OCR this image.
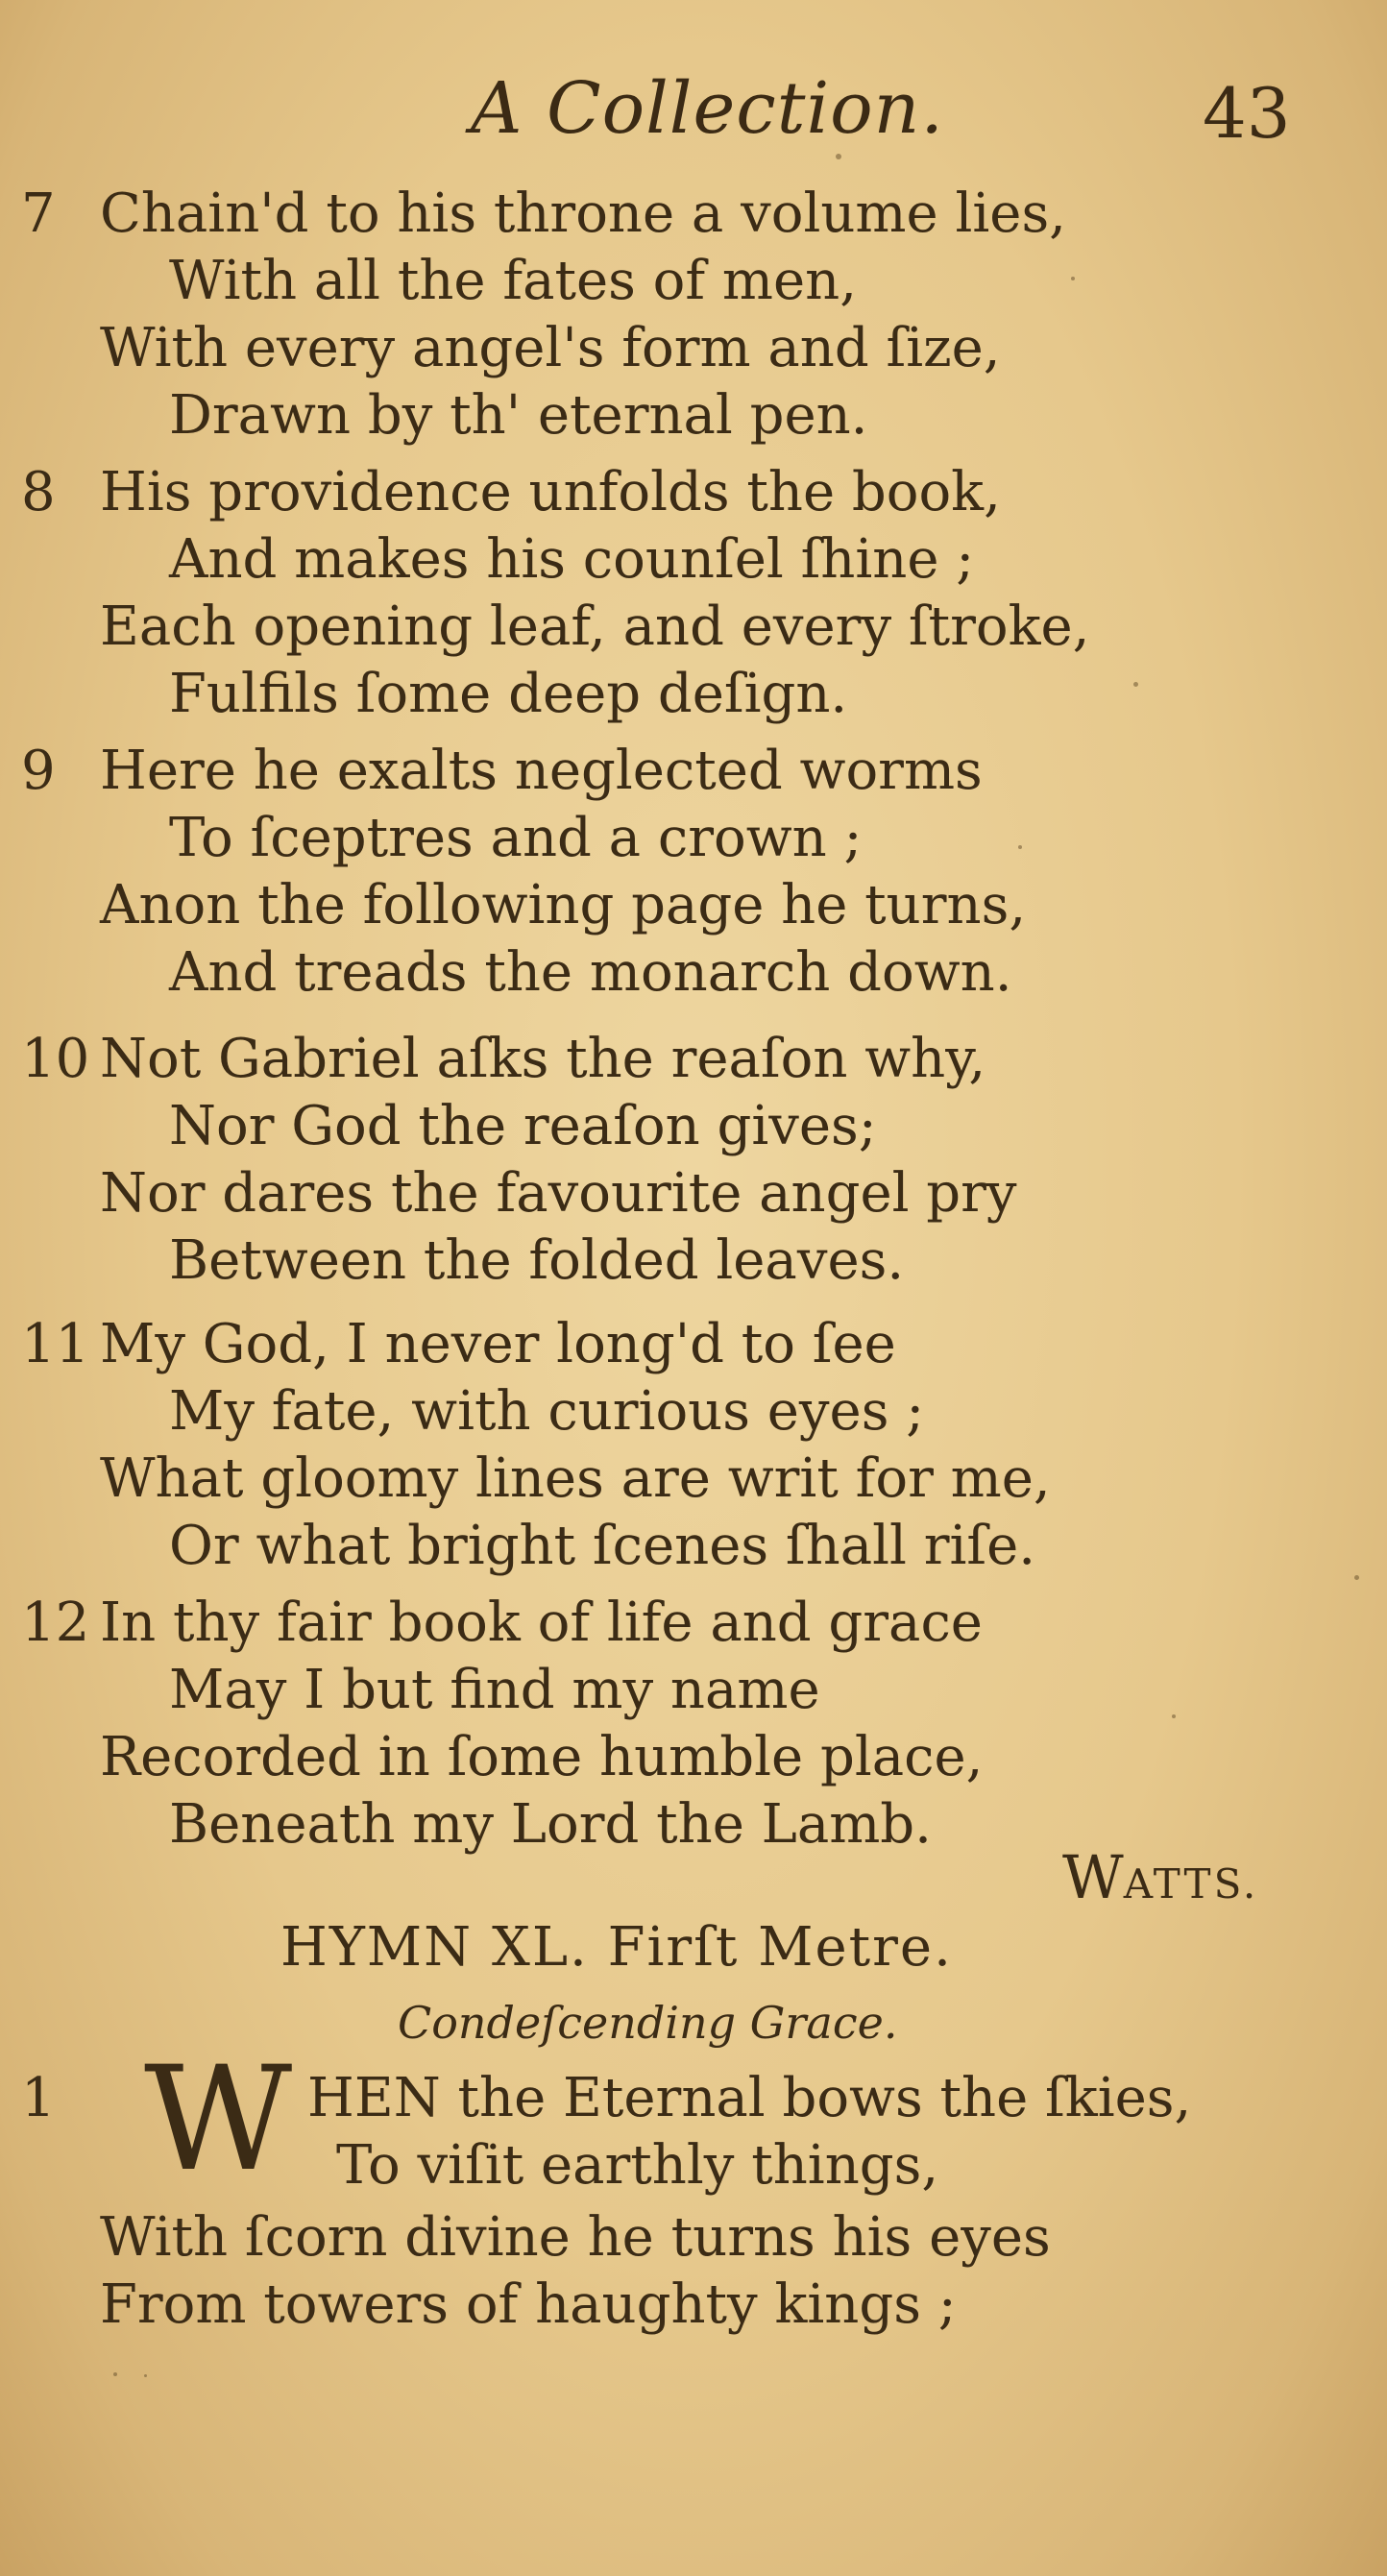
A Collection.	43
7 Chain'd to his throne a volume lies,
With all the fates of men,
With every angel's form and ſize,
Drawn by th' eternal pen.
8 His providence unfolds the book,
And makes his counſel ſhine ;
Each opening leaf, and every ſtroke,
Fulfils ſome deep deſign.
9 Here he exalts neglected worms
To ſceptres and a crown ;
Anon the following page he turns,
And treads the monarch down.
10 Not Gabriel aſks the reaſon why,
Nor God the reaſon gives;
Nor dares the favourite angel pry
Between the folded leaves.
11 My God, I never long'd to ſee
My fate, with curious eyes ;
What gloomy lines are writ for me,
Or what bright ſcenes ſhall riſe.
12 In thy fair book of life and grace
May I but find my name
Recorded in ſome humble place,
Beneath my Lord the Lamb.
WATTS.
HYMN XL. Firſt Metre.
Condeſcending Grace.
1 W HEN the Eternal bows the ſkies,
To viſit earthly things,
With ſcorn divine he turns his eyes
From towers of haughty kings ;
